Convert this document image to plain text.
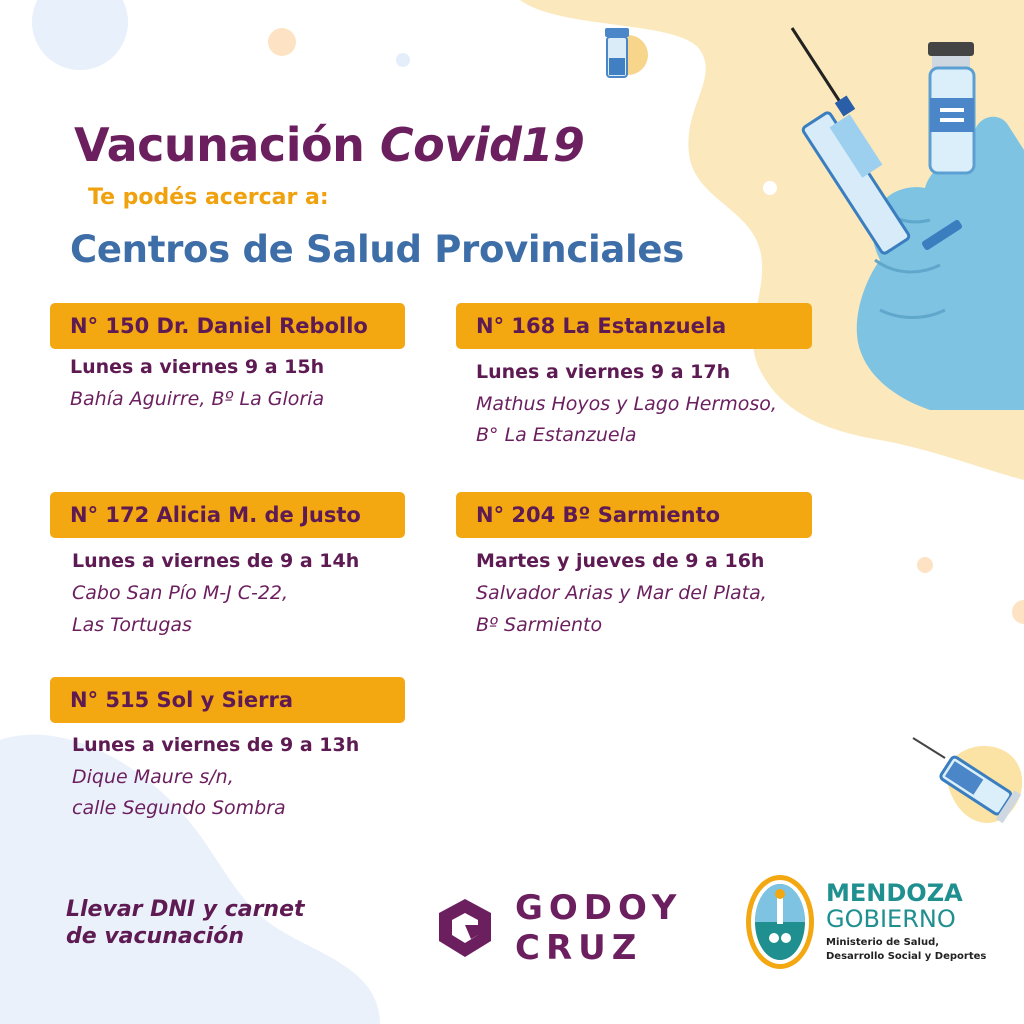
Vacunación Covid19

Te podés acercar a:

Centros de Salud Provinciales
N° 150 Dr. Daniel Rebollo
Lunes a viernes 9 a 15h
Bahía Aguirre, Bº La Gloria
N° 168 La Estanzuela
Lunes a viernes 9 a 17h
Mathus Hoyos y Lago Hermoso,
B° La Estanzuela
N° 172 Alicia M. de Justo
Lunes a viernes de 9 a 14h
Cabo San Pío M-J C-22,
Las Tortugas
N° 204 Bº Sarmiento
Martes y jueves de 9 a 16h
Salvador Arias y Mar del Plata,
Bº Sarmiento
N° 515 Sol y Sierra
Lunes a viernes de 9 a 13h
Dique Maure s/n,
calle Segundo Sombra
Llevar DNI y carnet
de vacunación
GODOY
CRUZ
MENDOZA
GOBIERNO
Ministerio de Salud,
Desarrollo Social y Deportes
